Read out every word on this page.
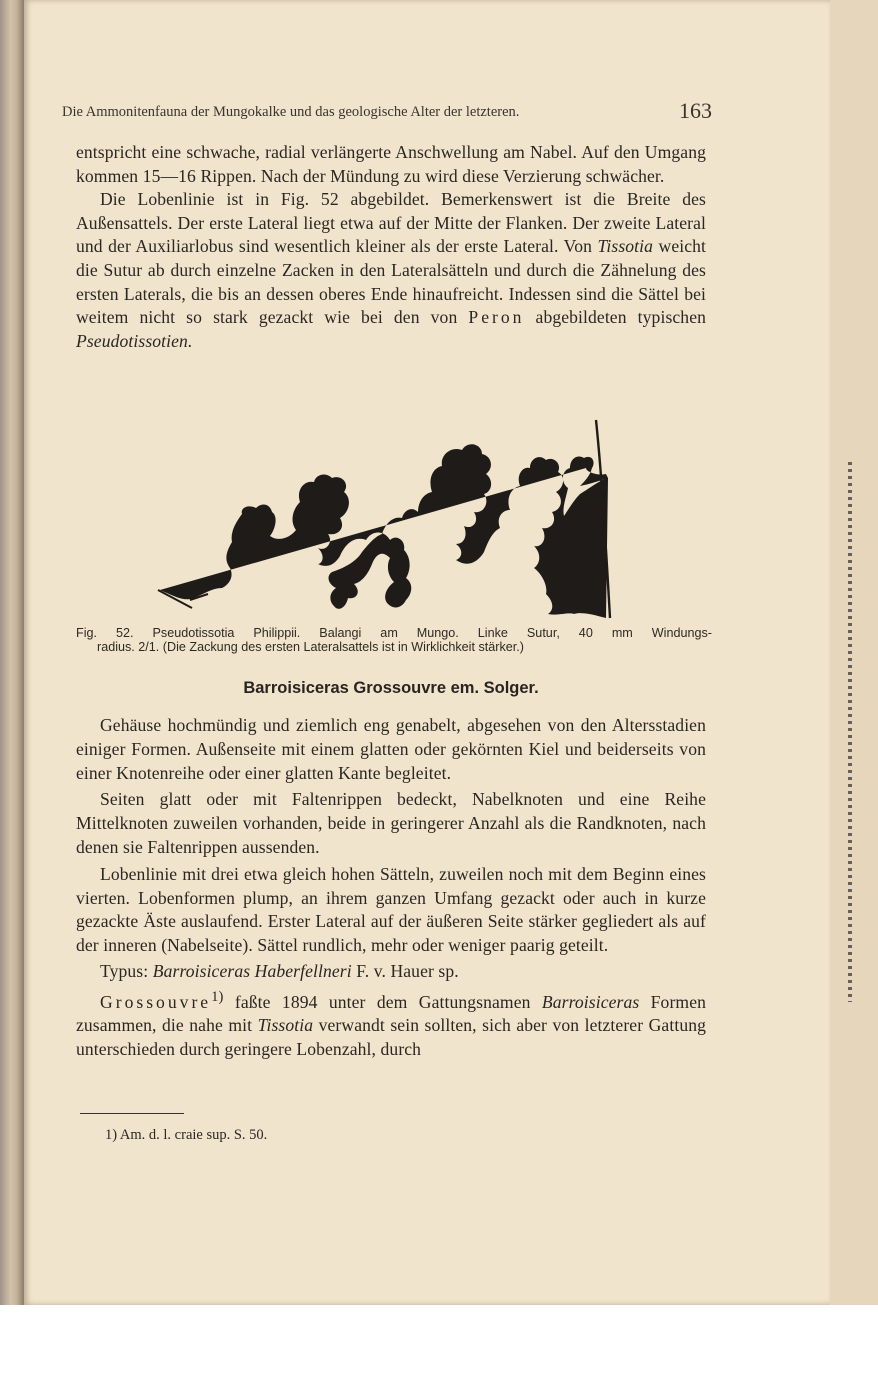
Die Ammonitenfauna der Mungokalke und das geologische Alter der letzteren.	163

entspricht eine schwache, radial verlängerte Anschwellung am Nabel. Auf den Umgang kommen 15—16 Rippen. Nach der Mündung zu wird diese Verzierung schwächer.

Die Lobenlinie ist in Fig. 52 abgebildet. Bemerkenswert ist die Breite des Außensattels. Der erste Lateral liegt etwa auf der Mitte der Flanken. Der zweite Lateral und der Auxiliarlobus sind wesentlich kleiner als der erste Lateral. Von Tissotia weicht die Sutur ab durch einzelne Zacken in den Lateralsätteln und durch die Zähnelung des ersten Laterals, die bis an dessen oberes Ende hinaufreicht. Indessen sind die Sättel bei weitem nicht so stark gezackt wie bei den von Peron abgebildeten typischen Pseudotissotien.

Fig. 52. Pseudotissotia Philippii. Balangi am Mungo. Linke Sutur, 40 mm Windungs-
radius. 2/1. (Die Zackung des ersten Lateralsattels ist in Wirklichkeit stärker.)
Barroisiceras Grossouvre em. Solger.

Gehäuse hochmündig und ziemlich eng genabelt, abgesehen von den Altersstadien einiger Formen. Außenseite mit einem glatten oder gekörnten Kiel und beiderseits von einer Knotenreihe oder einer glatten Kante begleitet.

Seiten glatt oder mit Faltenrippen bedeckt, Nabelknoten und eine Reihe Mittelknoten zuweilen vorhanden, beide in geringerer Anzahl als die Randknoten, nach denen sie Faltenrippen aussenden.

Lobenlinie mit drei etwa gleich hohen Sätteln, zuweilen noch mit dem Beginn eines vierten. Lobenformen plump, an ihrem ganzen Umfang gezackt oder auch in kurze gezackte Äste auslaufend. Erster Lateral auf der äußeren Seite stärker gegliedert als auf der inneren (Nabelseite). Sättel rundlich, mehr oder weniger paarig geteilt.

Typus: Barroisiceras Haberfellneri F. v. Hauer sp.

Grossouvre$^{1)}$ faßte 1894 unter dem Gattungsnamen Barroisiceras Formen zusammen, die nahe mit Tissotia verwandt sein sollten, sich aber von letzterer Gattung unterschieden durch geringere Lobenzahl, durch

1) Am. d. l. craie sup. S. 50.
